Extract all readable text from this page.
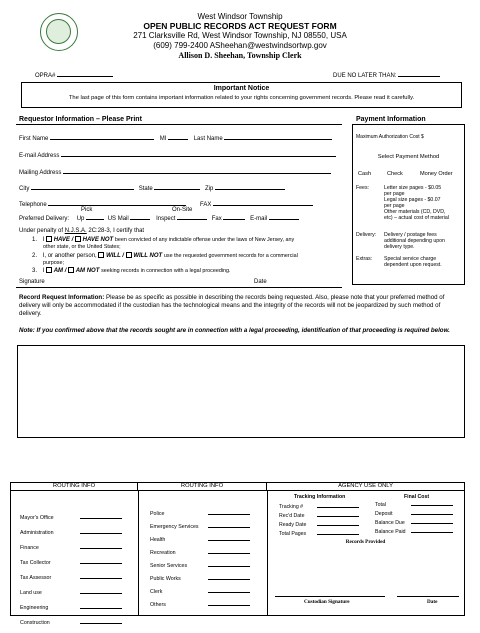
West Windsor Township
OPEN PUBLIC RECORDS ACT REQUEST FORM
271 Clarksville Rd, West Windsor Township, NJ 08550, USA
(609) 799-2400 ASheehan@westwindsortwp.gov
Allison D. Sheehan, Township Clerk
OPRA#	DUE NO LATER THAN:
Important Notice
The last page of this form contains important information related to your rights concerning government records. Please read it carefully.
Requestor Information – Please Print	Payment Information
First Name	MI	Last Name
E-mail Address
Mailing Address
City	State	Zip
Telephone	FAX
Pick	On-Site
Preferred Delivery: Up	US Mail	Inspect	Fax	E-mail
Under penalty of N.J.S.A. 2C:28-3, I certify that
1. I HAVE / HAVE NOT been convicted of any indictable offense under the laws of New Jersey, any
other state, or the United States;
2. I, or another person, WILL / WILL NOT use the requested government records for a commercial
purpose;
3. I AM / AM NOT seeking records in connection with a legal proceeding.
Signature	Date
Maximum Authorization Cost $
Select Payment Method
Cash	Check	Money Order
Fees:	Letter size pages - $0.05
per page
Legal size pages - $0.07
per page
Other materials (CD, DVD,
etc) – actual cost of material
Delivery: Delivery / postage fees
additional depending upon
delivery type.
Extras: Special service charge
dependent upon request.
Record Request Information: Please be as specific as possible in describing the records being requested. Also, please note that your preferred method of delivery will only be accommodated if the custodian has the technological means and the integrity of the records will not be jeopardized by such method of delivery.
Note: If you confirmed above that the records sought are in connection with a legal proceeding, identification of that proceeding is required below.
ROUTING INFO	ROUTING INFO	AGENCY USE ONLY
Mayor's Office
Administration
Finance
Tax Collector
Tax Assessor
Land use
Engineering
Construction
Police
Emergency Services
Health
Recreation
Senior Services
Public Works
Clerk
Others
Tracking Information	Final Cost
Tracking #
Rec'd Date
Ready Date
Total Pages
Total
Deposit
Balance Due
Balance Paid
Records Provided
Custodian Signature	Date
